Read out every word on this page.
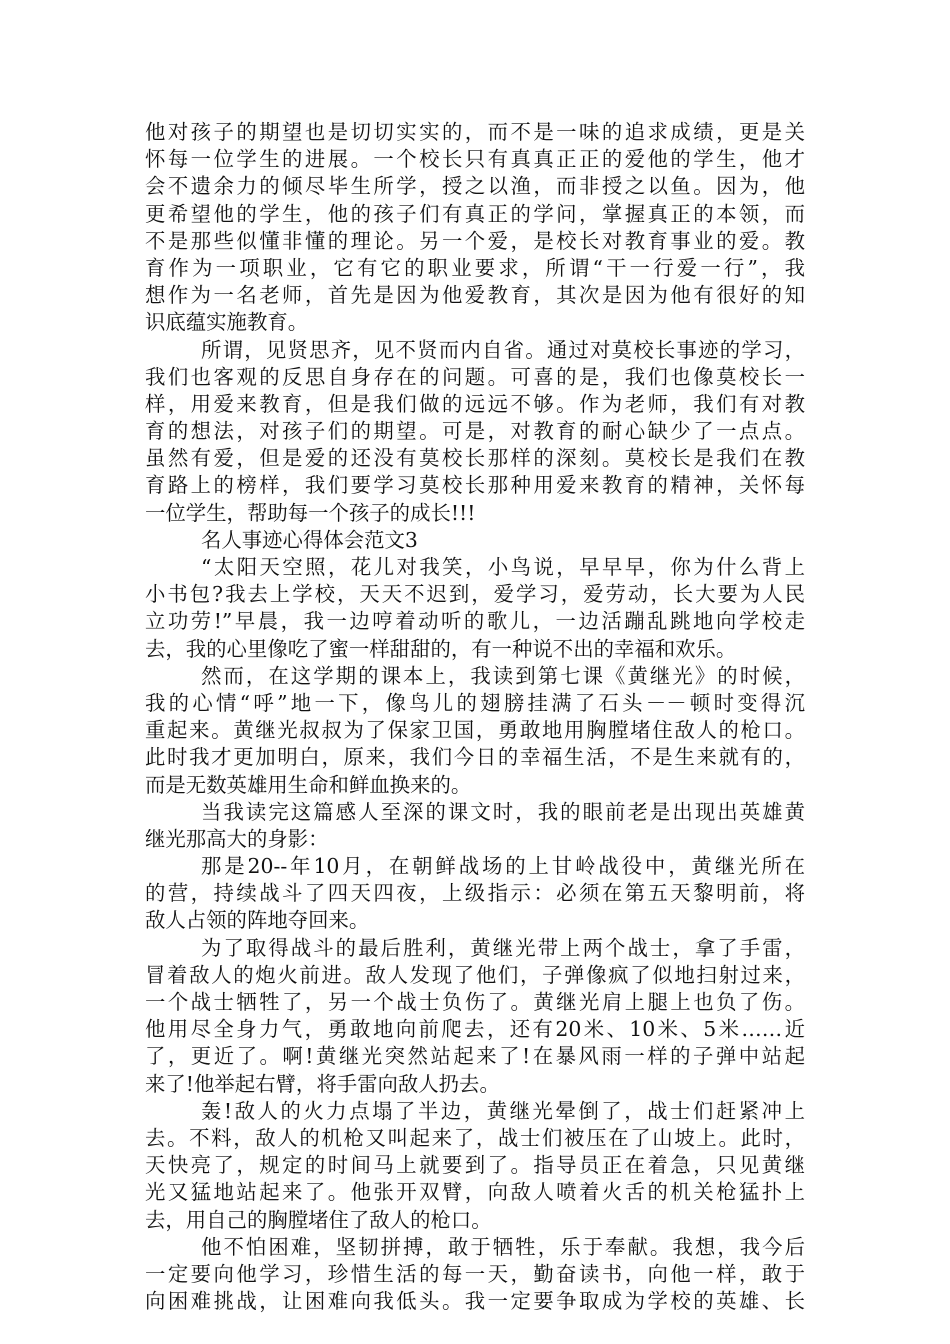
他对孩子的期望也是切切实实的，而不是一味的追求成绩，更是关
怀每一位学生的进展。一个校长只有真真正正的爱他的学生，他才
会不遗余力的倾尽毕生所学，授之以渔，而非授之以鱼。因为，他
更希望他的学生，他的孩子们有真正的学问，掌握真正的本领，而
不是那些似懂非懂的理论。另一个爱，是校长对教育事业的爱。教
育作为一项职业，它有它的职业要求，所谓“干一行爱一行”，我
想作为一名老师，首先是因为他爱教育，其次是因为他有很好的知
识底蕴实施教育。
所谓，见贤思齐，见不贤而内自省。通过对莫校长事迹的学习，
我们也客观的反思自身存在的问题。可喜的是，我们也像莫校长一
样，用爱来教育，但是我们做的远远不够。作为老师，我们有对教
育的想法，对孩子们的期望。可是，对教育的耐心缺少了一点点。
虽然有爱，但是爱的还没有莫校长那样的深刻。莫校长是我们在教
育路上的榜样，我们要学习莫校长那种用爱来教育的精神，关怀每
一位学生，帮助每一个孩子的成长!!!
名人事迹心得体会范文3
“太阳天空照，花儿对我笑，小鸟说，早早早，你为什么背上
小书包?我去上学校，天天不迟到，爱学习，爱劳动，长大要为人民
立功劳!”早晨，我一边哼着动听的歌儿，一边活蹦乱跳地向学校走
去，我的心里像吃了蜜一样甜甜的，有一种说不出的幸福和欢乐。
然而，在这学期的课本上，我读到第七课《黄继光》的时候，
我的心情“呼”地一下，像鸟儿的翅膀挂满了石头－－顿时变得沉
重起来。黄继光叔叔为了保家卫国，勇敢地用胸膛堵住敌人的枪口。
此时我才更加明白，原来，我们今日的幸福生活，不是生来就有的，
而是无数英雄用生命和鲜血换来的。
当我读完这篇感人至深的课文时，我的眼前老是出现出英雄黄
继光那高大的身影：
那是20--年10月，在朝鲜战场的上甘岭战役中，黄继光所在
的营，持续战斗了四天四夜，上级指示：必须在第五天黎明前，将
敌人占领的阵地夺回来。
为了取得战斗的最后胜利，黄继光带上两个战士，拿了手雷，
冒着敌人的炮火前进。敌人发现了他们，子弹像疯了似地扫射过来，
一个战士牺牲了，另一个战士负伤了。黄继光肩上腿上也负了伤。
他用尽全身力气，勇敢地向前爬去，还有20米、10米、5米……近
了，更近了。啊!黄继光突然站起来了!在暴风雨一样的子弹中站起
来了!他举起右臂，将手雷向敌人扔去。
轰!敌人的火力点塌了半边，黄继光晕倒了，战士们赶紧冲上
去。不料，敌人的机枪又叫起来了，战士们被压在了山坡上。此时，
天快亮了，规定的时间马上就要到了。指导员正在着急，只见黄继
光又猛地站起来了。他张开双臂，向敌人喷着火舌的机关枪猛扑上
去，用自己的胸膛堵住了敌人的枪口。
他不怕困难，坚韧拼搏，敢于牺牲，乐于奉献。我想，我今后
一定要向他学习，珍惜生活的每一天，勤奋读书，向他一样，敢于
向困难挑战，让困难向我低头。我一定要争取成为学校的英雄、长
